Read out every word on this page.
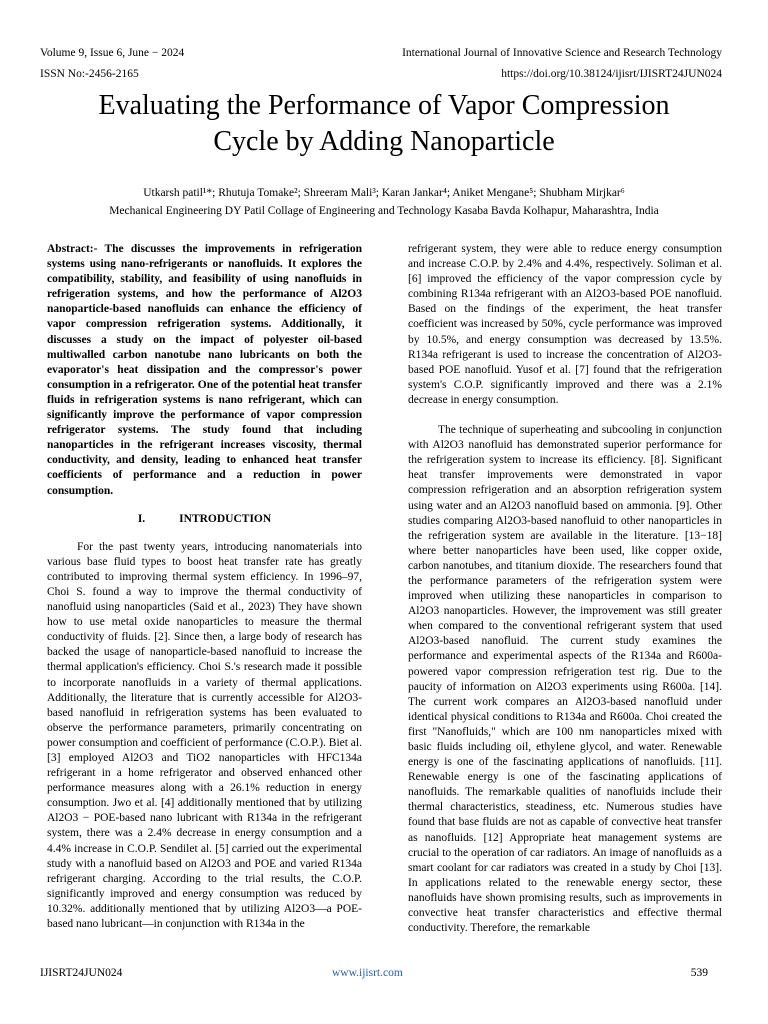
Volume 9, Issue 6, June − 2024	International Journal of Innovative Science and Research Technology
ISSN No:-2456-2165	https://doi.org/10.38124/ijisrt/IJISRT24JUN024
Evaluating the Performance of Vapor Compression
Cycle by Adding Nanoparticle
Utkarsh patil¹*; Rhutuja Tomake²; Shreeram Mali³; Karan Jankar⁴; Aniket Mengane⁵; Shubham Mirjkar⁶
Mechanical Engineering DY Patil Collage of Engineering and Technology Kasaba Bavda Kolhapur, Maharashtra, India

Abstract:- The discusses the improvements in refrigeration systems using nano-refrigerants or nanofluids. It explores the compatibility, stability, and feasibility of using nanofluids in refrigeration systems, and how the performance of Al2O3 nanoparticle-based nanofluids can enhance the efficiency of vapor compression refrigeration systems. Additionally, it discusses a study on the impact of polyester oil-based multiwalled carbon nanotube nano lubricants on both the evaporator's heat dissipation and the compressor's power consumption in a refrigerator. One of the potential heat transfer fluids in refrigeration systems is nano refrigerant, which can significantly improve the performance of vapor compression refrigerator systems. The study found that including nanoparticles in the refrigerant increases viscosity, thermal conductivity, and density, leading to enhanced heat transfer coefficients of performance and a reduction in power consumption.

I.	INTRODUCTION

For the past twenty years, introducing nanomaterials into various base fluid types to boost heat transfer rate has greatly contributed to improving thermal system efficiency. In 1996–97, Choi S. found a way to improve the thermal conductivity of nanofluid using nanoparticles (Said et al., 2023) They have shown how to use metal oxide nanoparticles to measure the thermal conductivity of fluids. [2]. Since then, a large body of research has backed the usage of nanoparticle-based nanofluid to increase the thermal application's efficiency. Choi S.'s research made it possible to incorporate nanofluids in a variety of thermal applications. Additionally, the literature that is currently accessible for Al2O3-based nanofluid in refrigeration systems has been evaluated to observe the performance parameters, primarily concentrating on power consumption and coefficient of performance (C.O.P.). Biet al. [3] employed Al2O3 and TiO2 nanoparticles with HFC134a refrigerant in a home refrigerator and observed enhanced other performance measures along with a 26.1% reduction in energy consumption. Jwo et al. [4] additionally mentioned that by utilizing Al2O3 − POE-based nano lubricant with R134a in the refrigerant system, there was a 2.4% decrease in energy consumption and a 4.4% increase in C.O.P. Sendilet al. [5] carried out the experimental study with a nanofluid based on Al2O3 and POE and varied R134a refrigerant charging. According to the trial results, the C.O.P. significantly improved and energy consumption was reduced by 10.32%. additionally mentioned that by utilizing Al2O3—a POE-based nano lubricant—in conjunction with R134a in the

refrigerant system, they were able to reduce energy consumption and increase C.O.P. by 2.4% and 4.4%, respectively. Soliman et al. [6] improved the efficiency of the vapor compression cycle by combining R134a refrigerant with an Al2O3-based POE nanofluid. Based on the findings of the experiment, the heat transfer coefficient was increased by 50%, cycle performance was improved by 10.5%, and energy consumption was decreased by 13.5%. R134a refrigerant is used to increase the concentration of Al2O3-based POE nanofluid. Yusof et al. [7] found that the refrigeration system's C.O.P. significantly improved and there was a 2.1% decrease in energy consumption.

The technique of superheating and subcooling in conjunction with Al2O3 nanofluid has demonstrated superior performance for the refrigeration system to increase its efficiency. [8]. Significant heat transfer improvements were demonstrated in vapor compression refrigeration and an absorption refrigeration system using water and an Al2O3 nanofluid based on ammonia. [9]. Other studies comparing Al2O3-based nanofluid to other nanoparticles in the refrigeration system are available in the literature. [13−18] where better nanoparticles have been used, like copper oxide, carbon nanotubes, and titanium dioxide. The researchers found that the performance parameters of the refrigeration system were improved when utilizing these nanoparticles in comparison to Al2O3 nanoparticles. However, the improvement was still greater when compared to the conventional refrigerant system that used Al2O3-based nanofluid. The current study examines the performance and experimental aspects of the R134a and R600a-powered vapor compression refrigeration test rig. Due to the paucity of information on Al2O3 experiments using R600a. [14]. The current work compares an Al2O3-based nanofluid under identical physical conditions to R134a and R600a. Choi created the first "Nanofluids," which are 100 nm nanoparticles mixed with basic fluids including oil, ethylene glycol, and water. Renewable energy is one of the fascinating applications of nanofluids. [11]. Renewable energy is one of the fascinating applications of nanofluids. The remarkable qualities of nanofluids include their thermal characteristics, steadiness, etc. Numerous studies have found that base fluids are not as capable of convective heat transfer as nanofluids. [12] Appropriate heat management systems are crucial to the operation of car radiators. An image of nanofluids as a smart coolant for car radiators was created in a study by Choi [13]. In applications related to the renewable energy sector, these nanofluids have shown promising results, such as improvements in convective heat transfer characteristics and effective thermal conductivity. Therefore, the remarkable

IJISRT24JUN024	www.ijisrt.com	539
